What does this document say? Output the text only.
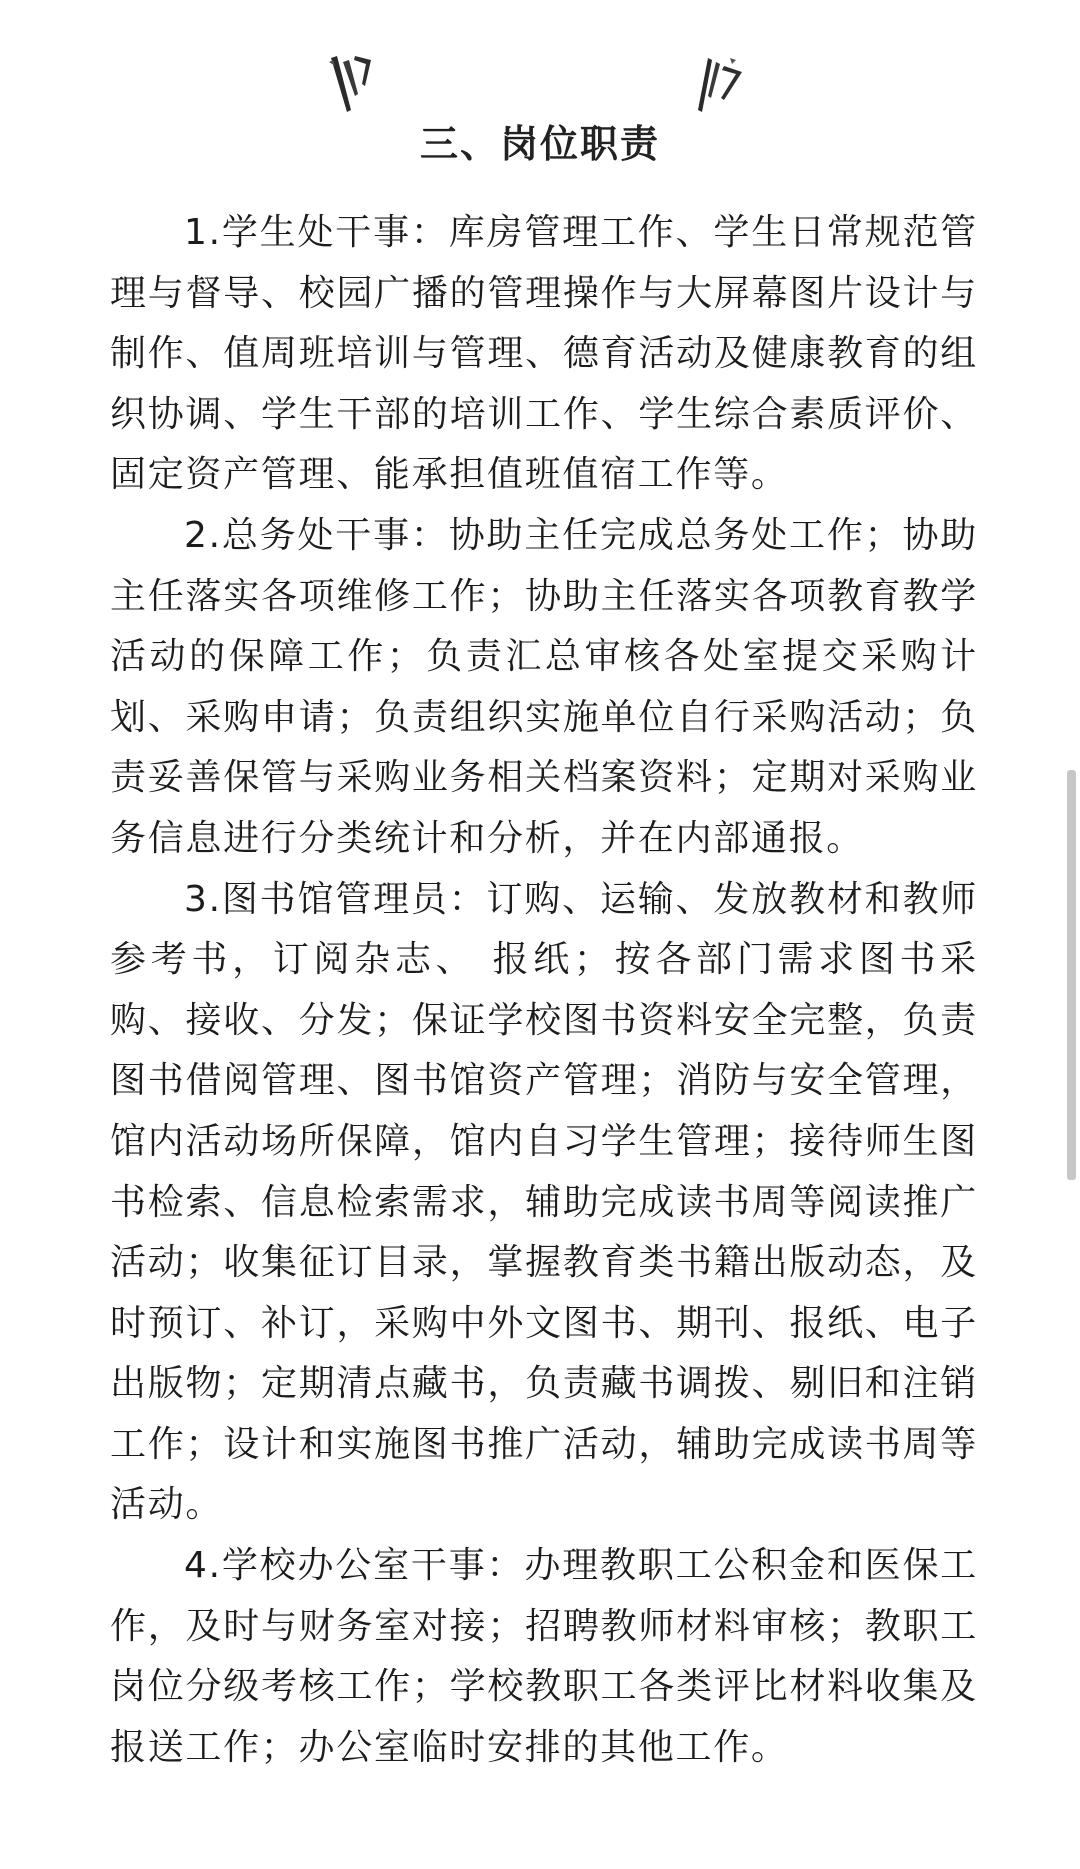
三、岗位职责

1.学生处干事：库房管理工作、学生日常规范管理与督导、校园广播的管理操作与大屏幕图片设计与制作、值周班培训与管理、德育活动及健康教育的组织协调、学生干部的培训工作、学生综合素质评价、固定资产管理、能承担值班值宿工作等。

2.总务处干事：协助主任完成总务处工作；协助主任落实各项维修工作；协助主任落实各项教育教学活动的保障工作；负责汇总审核各处室提交采购计划、采购申请；负责组织实施单位自行采购活动；负责妥善保管与采购业务相关档案资料；定期对采购业务信息进行分类统计和分析，并在内部通报。

3.图书馆管理员：订购、运输、发放教材和教师参考书，订阅杂志、 报纸；按各部门需求图书采购、接收、分发；保证学校图书资料安全完整，负责图书借阅管理、图书馆资产管理；消防与安全管理，馆内活动场所保障，馆内自习学生管理；接待师生图书检索、信息检索需求，辅助完成读书周等阅读推广活动；收集征订目录，掌握教育类书籍出版动态，及时预订、补订，采购中外文图书、期刊、报纸、电子出版物；定期清点藏书，负责藏书调拨、剔旧和注销工作；设计和实施图书推广活动，辅助完成读书周等活动。

4.学校办公室干事：办理教职工公积金和医保工作，及时与财务室对接；招聘教师材料审核；教职工岗位分级考核工作；学校教职工各类评比材料收集及报送工作；办公室临时安排的其他工作。
